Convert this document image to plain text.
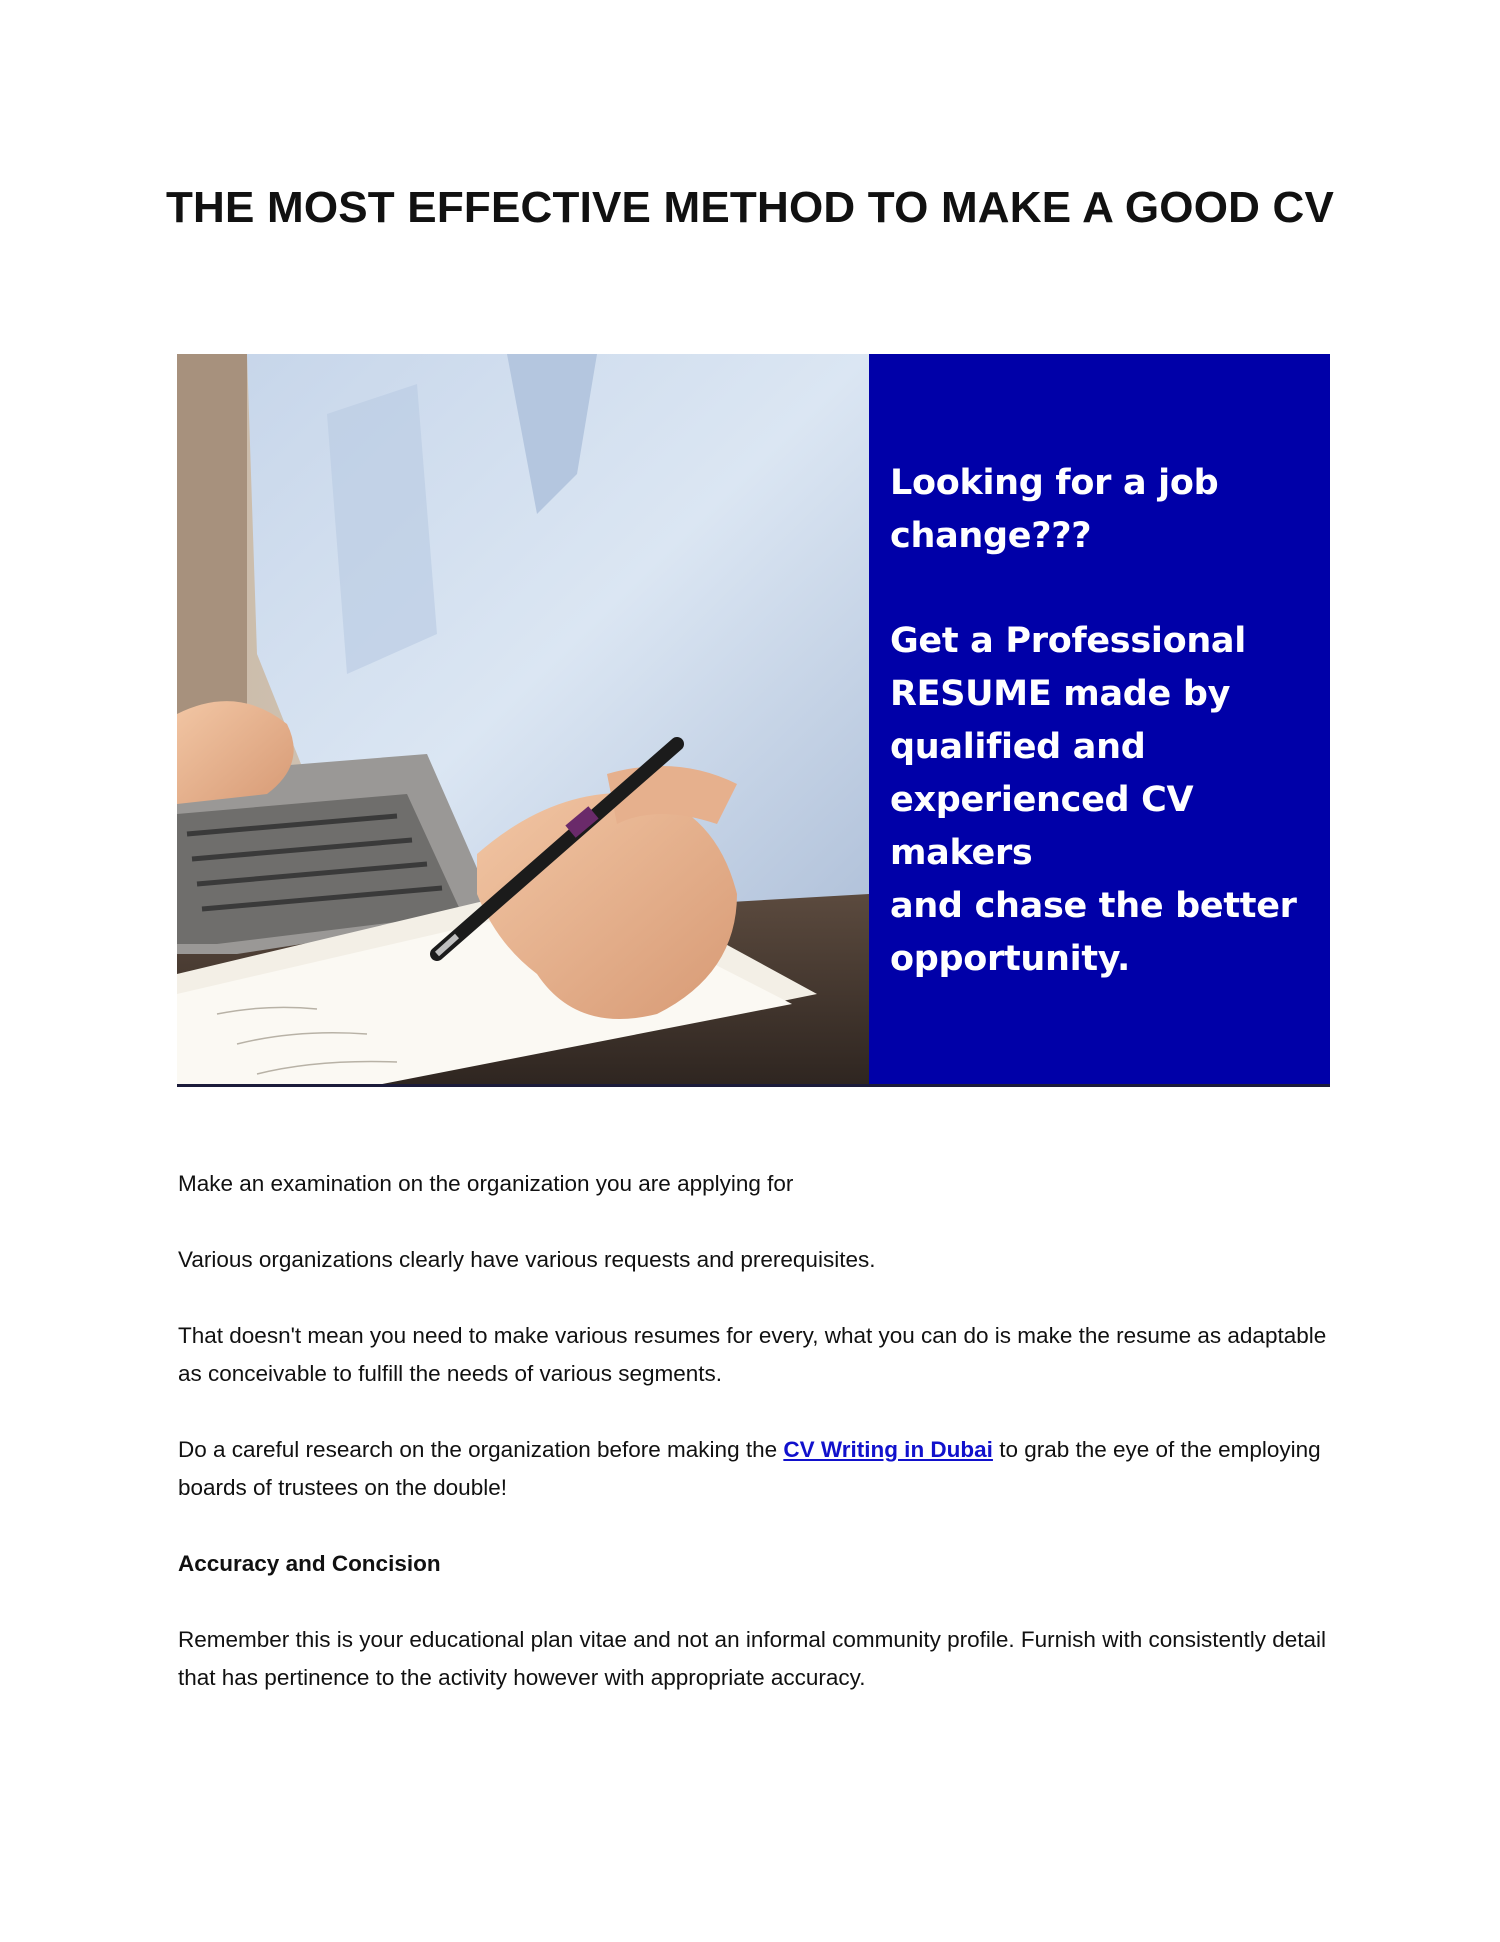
THE MOST EFFECTIVE METHOD TO MAKE A GOOD CV

Looking for a job

change???

Get a Professional

RESUME made by

qualified and

experienced CV makers

and chase the better

opportunity.

Make an examination on the organization you are applying for

Various organizations clearly have various requests and prerequisites.

That doesn't mean you need to make various resumes for every, what you can do is make the resume as adaptable as conceivable to fulfill the needs of various segments.

Do a careful research on the organization before making the CV Writing in Dubai to grab the eye of the employing boards of trustees on the double!

Accuracy and Concision

Remember this is your educational plan vitae and not an informal community profile. Furnish with consistently detail that has pertinence to the activity however with appropriate accuracy.
